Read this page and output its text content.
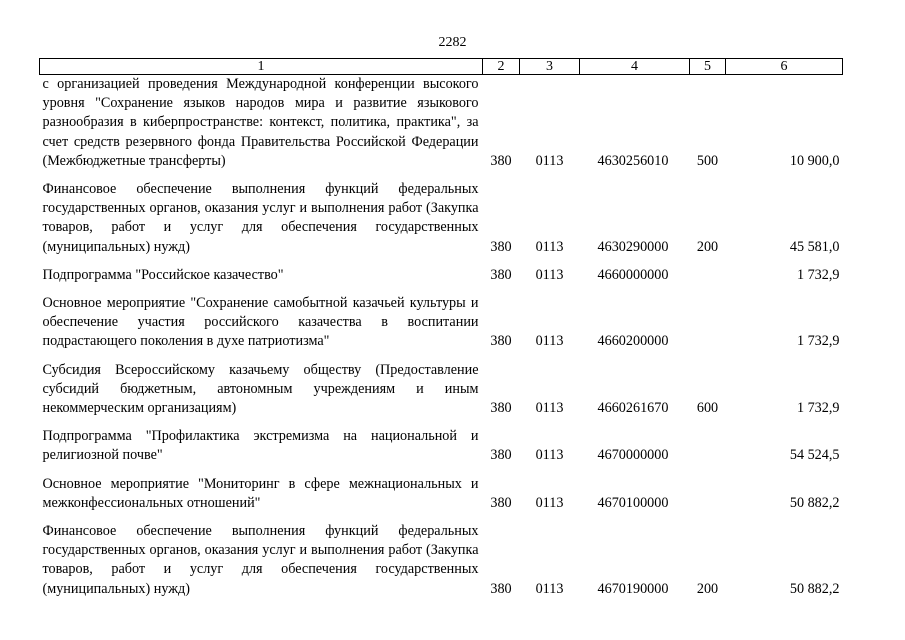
2282
1	2	3	4	5	6
с организацией проведения Международной конференции высокого уровня "Сохранение языков народов мира и развитие языкового разнообразия в киберпространстве: контекст, политика, практика", за счет средств резервного фонда Правительства Российской Федерации (Межбюджетные трансферты)	380	0113	4630256010	500	10 900,0
Финансовое обеспечение выполнения функций федеральных государственных органов, оказания услуг и выполнения работ (Закупка товаров, работ и услуг для обеспечения государственных (муниципальных) нужд)	380	0113	4630290000	200	45 581,0
Подпрограмма "Российское казачество"	380	0113	4660000000		1 732,9
Основное мероприятие "Сохранение самобытной казачьей культуры и обеспечение участия российского казачества в воспитании подрастающего поколения в духе патриотизма"	380	0113	4660200000		1 732,9
Субсидия Всероссийскому казачьему обществу (Предоставление субсидий бюджетным, автономным учреждениям и иным некоммерческим организациям)	380	0113	4660261670	600	1 732,9
Подпрограмма "Профилактика экстремизма на национальной и религиозной почве"	380	0113	4670000000		54 524,5
Основное мероприятие "Мониторинг в сфере межнациональных и межконфессиональных отношений"	380	0113	4670100000		50 882,2
Финансовое обеспечение выполнения функций федеральных государственных органов, оказания услуг и выполнения работ (Закупка товаров, работ и услуг для обеспечения государственных (муниципальных) нужд)	380	0113	4670190000	200	50 882,2
